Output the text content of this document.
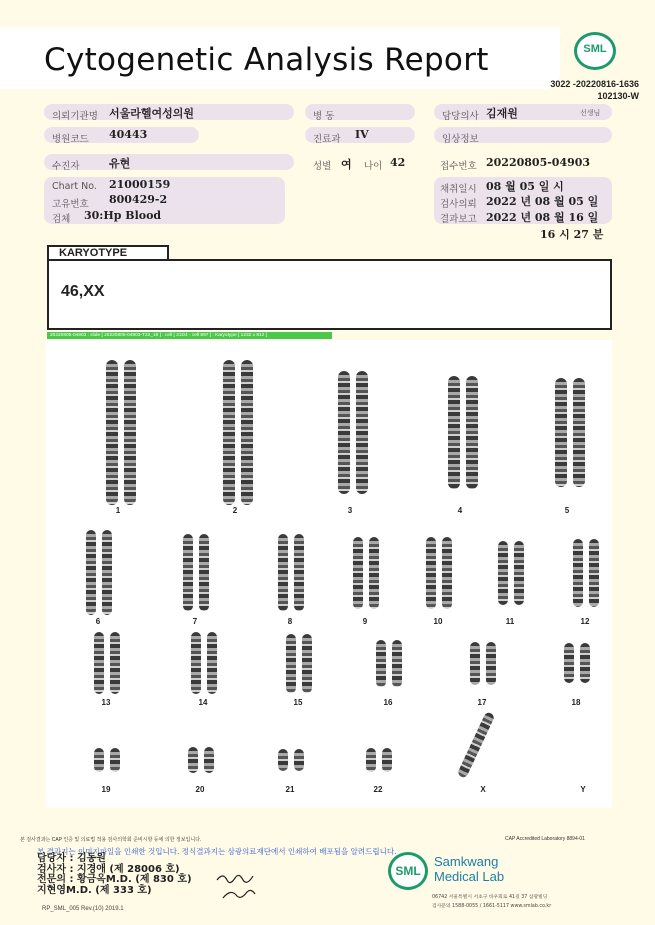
Cytogenetic Analysis Report	SML
3022 -20220816-1636
102130-W
의뢰기관명 서울라헬여성의원	병 동	담당의사 김재원	선생님
병원코드 40443	진료과 IV	임상정보
수진자	유현	성별 여 나이 42	접수번호 20220805-04903
Chart No. 21000159
고유번호 800429-2
검체 30:Hp Blood
채취일시 08 월 05 일 시
검사의뢰 2022 년 08 월 05 일
결과보고 2022 년 08 월 16 일
16 시 27 분
KARYOTYPE
46,XX
20220805-04903 : slide [ 20220805-04903-T22_18 ] : cell [ 31D4 - cell 897 ] : Karyotype [ 1232 x 812 ]
1	2	3	4	5
6	7	8	9	10	11	12
13	14	15	16	17	18
19	20	21	22	X	Y
본 검사결과는 CAP 인증 및 의료법 적용 검사의학회 준비시항 등에 의한 정보입니다.	CAP Accredited Laboratory 8894-01
본 결과지는 이미지파일을 인쇄한 것입니다. 정식결과지는 삼광의료재단에서 인쇄하여 배포됨을 알려드립니다.
담당자 : 김동원
검사자 : 지경애 (제 28006 호)
전문의 : 황금옥M.D. (제 830 호)
지현영M.D. (제 333 호)
SML
Samkwang
Medical Lab
06742 서울특별시 서초구 바우뫼로 41길 37 삼광빌딩
검사문의 1588-0055 / 1661-5117 www.smlab.co.kr
RP_SML_005 Rev.(10) 2019.1
